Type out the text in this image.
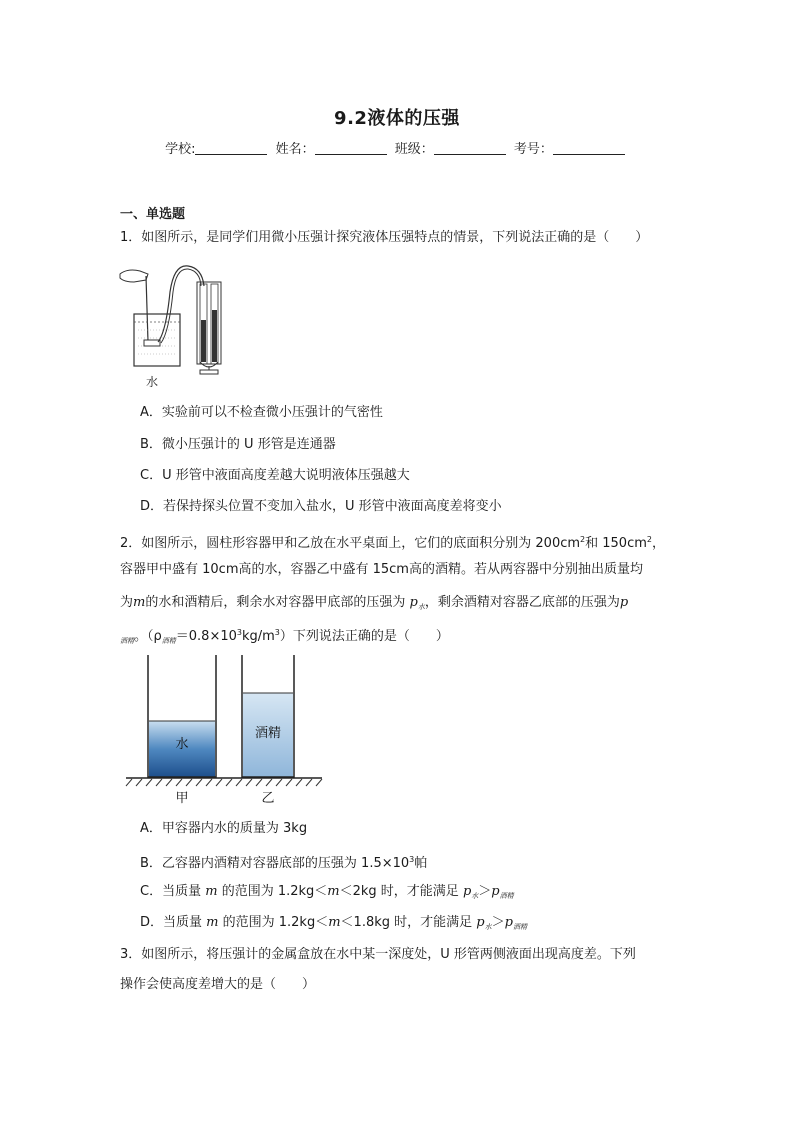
9.2液体的压强
学校:	姓名：	班级：	考号：
一、单选题
1．如图所示，是同学们用微小压强计探究液体压强特点的情景，下列说法正确的是（　　）
水
A．实验前可以不检查微小压强计的气密性
B．微小压强计的 U 形管是连通器
C．U 形管中液面高度差越大说明液体压强越大
D．若保持探头位置不变加入盐水，U 形管中液面高度差将变小
2．如图所示，圆柱形容器甲和乙放在水平桌面上，它们的底面积分别为 $200cm^2$和 $150cm^2$，
容器甲中盛有 10cm高的水，容器乙中盛有 15cm高的酒精。若从两容器中分别抽出质量均
为m的水和酒精后，剩余水对容器甲底部的压强为 $p_水$，剩余酒精对容器乙底部的压强为p
$_{酒精}$。$(\rho_{酒精}=0.8\times 10^3kg/m^3)$下列说法正确的是（　　）
水
酒精
甲	乙
A．甲容器内水的质量为 3kg
B．乙容器内酒精对容器底部的压强为 $1.5\times 10^3$帕
C．当质量 m 的范围为 1.2kg＜m＜2kg 时，才能满足 $p_水>p_{酒精}$
D．当质量 m 的范围为 1.2kg＜m＜1.8kg 时，才能满足 $p_水>p_{酒精}$
3．如图所示，将压强计的金属盒放在水中某一深度处，U 形管两侧液面出现高度差。下列
操作会使高度差增大的是（　　）
